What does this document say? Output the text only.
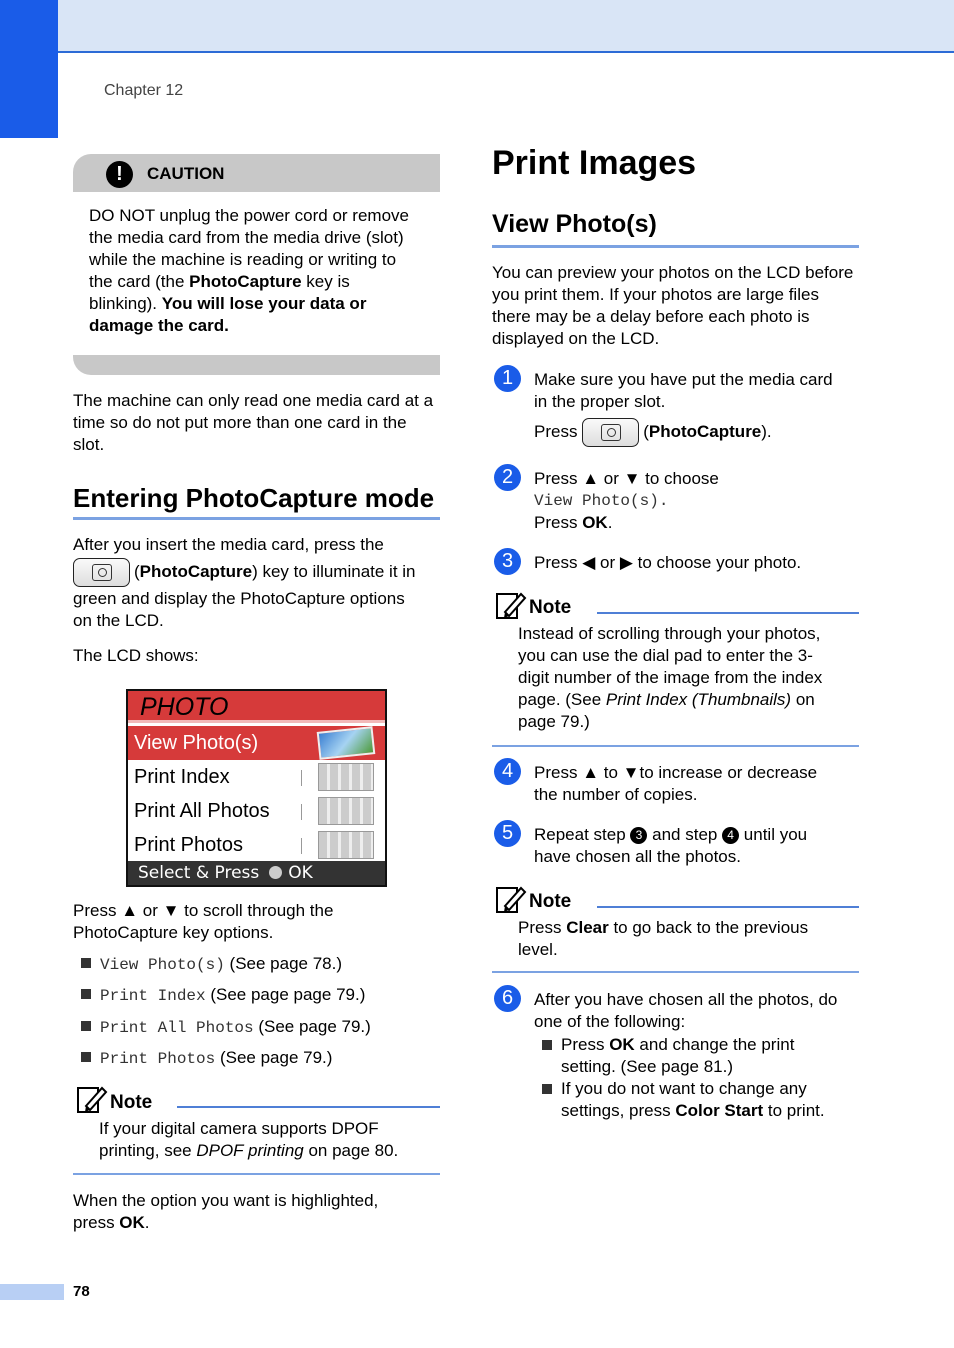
Chapter 12
!	CAUTION
DO NOT unplug the power cord or remove
the media card from the media drive (slot)
while the machine is reading or writing to
the card (the PhotoCapture key is
blinking). You will lose your data or
damage the card.
The machine can only read one media card at a time so do not put more than one card in the slot.
Entering PhotoCapture mode
After you insert the media card, press the
( PhotoCapture ) key to illuminate it in
green and display the PhotoCapture options
on the LCD.
The LCD shows:
PHOTO
View Photo(s)
Print Index
Print All Photos
Print Photos
Select & Press OK
Press ▲ or ▼ to scroll through the
PhotoCapture key options.
View Photo(s) (See page 78.)
Print Index (See page page 79.)
Print All Photos (See page 79.)
Print Photos (See page 79.)
Note
If your digital camera supports DPOF
printing, see DPOF printing on page 80.
When the option you want is highlighted,
press OK.
Print Images
View Photo(s)
You can preview your photos on the LCD before you print them. If your photos are large files there may be a delay before each photo is displayed on the LCD.
1	Make sure you have put the media card
in the proper slot.
Press
	( PhotoCapture ).
2	Press ▲ or ▼ to choose
View Photo(s).
Press OK.
3	Press ◀ or ▶ to choose your photo.
Note
Instead of scrolling through your photos,
you can use the dial pad to enter the 3-
digit number of the image from the index
page. (See Print Index (Thumbnails) on
page 79.)
4	Press ▲ to ▼to increase or decrease
the number of copies.
5	Repeat step 3 and step 4 until you
have chosen all the photos.
Note
Press Clear to go back to the previous
level.
6	After you have chosen all the photos, do
one of the following:
Press OK and change the print
setting. (See page 81.)
If you do not want to change any
settings, press Color Start to print.
78
